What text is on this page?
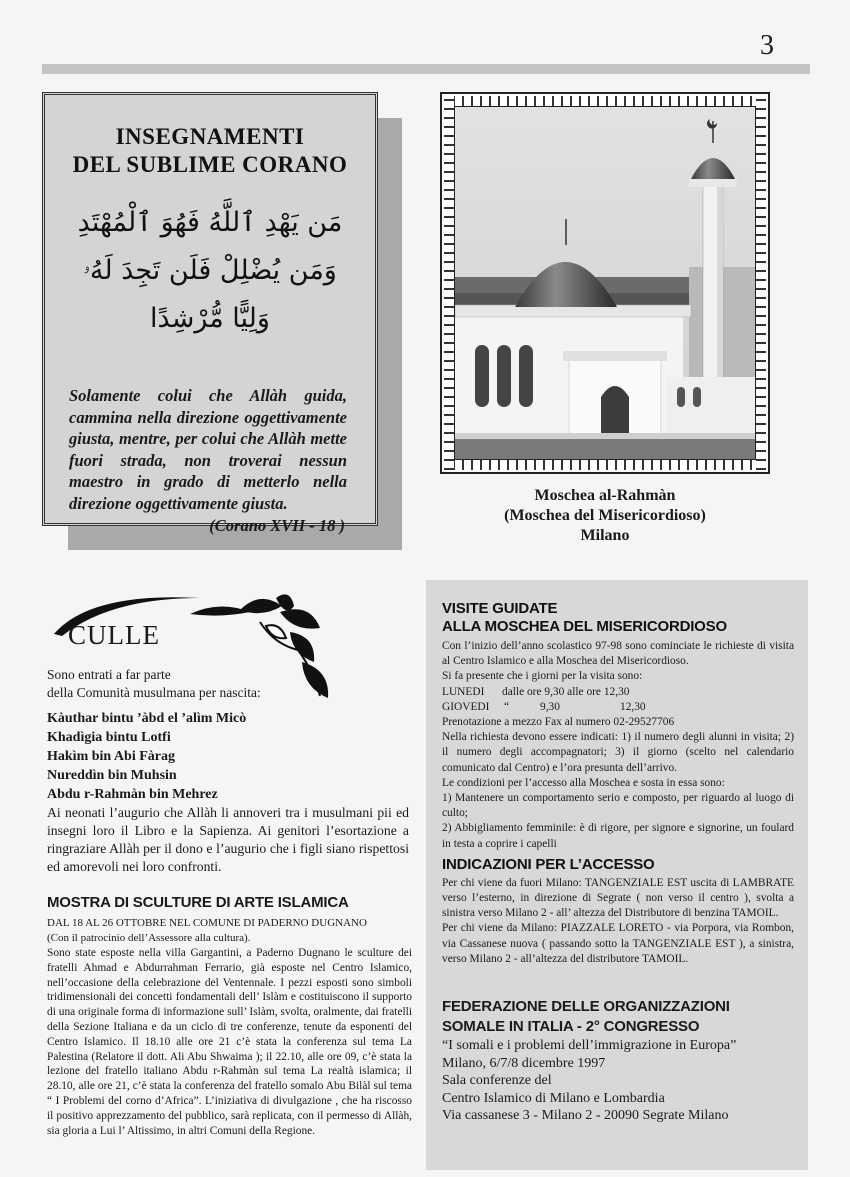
3
INSEGNAMENTI
DEL SUBLIME CORANO
مَن يَهْدِ ٱللَّهُ فَهُوَ ٱلْمُهْتَدِ
وَمَن يُضْلِلْ فَلَن تَجِدَ لَهُۥ وَلِيًّا مُّرْشِدًا
Solamente colui che Allàh guida, cammina nella direzione oggettivamente giusta, mentre, per colui che Allàh mette fuori strada, non troverai nessun maestro in grado di metterlo nella direzione oggettivamente giusta.
(Corano XVII - 18 )
Moschea al-Rahmàn
(Moschea del Misericordioso)
Milano
CULLE
Sono entrati a far parte
della Comunità musulmana per nascita:
Kàuthar bintu ’àbd el ’alìm Micò
Khadìgia bintu Lotfi
Hakìm bin Abi Fàrag
Nureddìn bin Muhsin
Abdu r-Rahmàn bin Mehrez
Ai neonati l’augurio che Allàh li annoveri tra i musulmani pii ed insegni loro il Libro e la Sapienza. Ai genitori l’esortazione a ringraziare Allàh per il dono e l’augurio che i figli siano rispettosi ed amorevoli nei loro confronti.
MOSTRA DI SCULTURE DI ARTE ISLAMICA
DAL 18 AL 26 OTTOBRE NEL COMUNE DI PADERNO DUGNANO
(Con il patrocinio dell’Assessore alla cultura).
Sono state esposte nella villa Gargantini, a Paderno Dugnano le sculture dei fratelli Ahmad e Abdurrahman Ferrario, già esposte nel Centro Islamico, nell’occasione della celebrazione del Ventennale. I pezzi esposti sono simboli tridimensionali dei concetti fondamentali dell’ Islàm e costituiscono il supporto di una originale forma di informazione sull’ Islàm, svolta, oralmente, dai fratelli della Sezione Italiana e da un ciclo di tre conferenze, tenute da esponenti del Centro Islamico. Il 18.10 alle ore 21 c’è stata la conferenza sul tema La Palestina (Relatore il dott. Ali Abu Shwaima ); il 22.10, alle ore 09, c’è stata la lezione del fratello italiano Abdu r-Rahmàn sul tema La realtà islamica; il 28.10, alle ore 21, c’è stata la conferenza del fratello somalo Abu Bilàl sul tema “ I Problemi del corno d’Africa”. L’iniziativa di divulgazione , che ha riscosso il positivo apprezzamento del pubblico, sarà replicata, con il permesso di Allàh, sia gloria a Lui l’ Altissimo, in altri Comuni della Regione.
VISITE GUIDATE
ALLA MOSCHEA DEL MISERICORDIOSO
Con l’inizio dell’anno scolastico 97-98 sono cominciate le richieste di visita al Centro Islamico e alla Moschea del Misericordioso.
Si fa presente che i giorni per la visita sono:
LUNEDI dalle ore 9,30 alle ore 12,30
GIOVEDI “	9,30	12,30
Prenotazione a mezzo Fax al numero 02-29527706
Nella richiesta devono essere indicati: 1) il numero degli alunni in visita; 2) il numero degli accompagnatori; 3) il giorno (scelto nel calendario comunicato dal Centro) e l’ora presunta dell’arrivo.
Le condizioni per l’accesso alla Moschea e sosta in essa sono:
1) Mantenere un comportamento serio e composto, per riguardo al luogo di culto;
2) Abbigliamento femminile: è di rigore, per signore e signorine, un foulard in testa a coprire i capelli
INDICAZIONI PER L’ACCESSO
Per chi viene da fuori Milano: TANGENZIALE EST uscita di LAMBRATE verso l’esterno, in direzione di Segrate ( non verso il centro ), svolta a sinistra verso Milano 2 - all’ altezza del Distributore di benzina TAMOIL.
Per chi viene da Milano: PIAZZALE LORETO - via Porpora, via Rombon, via Cassanese nuova ( passando sotto la TANGENZIALE EST ), a sinistra, verso Milano 2 - all’altezza del distributore TAMOIL.
FEDERAZIONE DELLE ORGANIZZAZIONI
SOMALE IN ITALIA - 2° CONGRESSO
“I somali e i problemi dell’immigrazione in Europa”
Milano, 6/7/8 dicembre 1997
Sala conferenze del
Centro Islamico di Milano e Lombardia
Via cassanese 3 - Milano 2 - 20090 Segrate Milano
